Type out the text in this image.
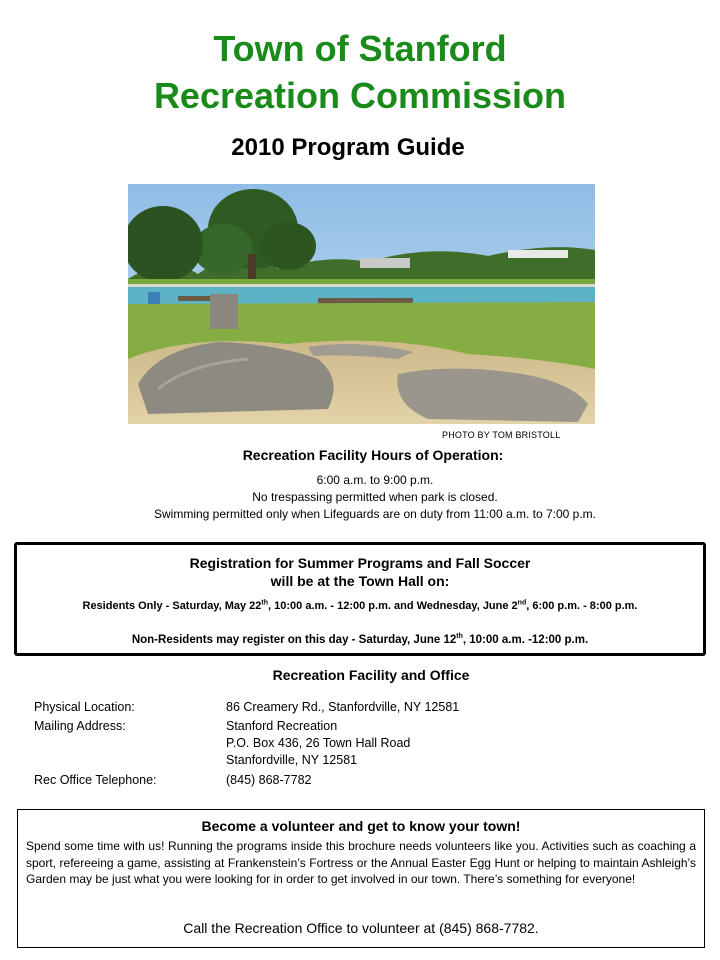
Town of Stanford
Recreation Commission
2010 Program Guide
PHOTO BY TOM BRISTOLL
Recreation Facility Hours of Operation:
6:00 a.m. to 9:00 p.m.
No trespassing permitted when park is closed.
Swimming permitted only when Lifeguards are on duty from 11:00 a.m. to 7:00 p.m.
Registration for Summer Programs and Fall Soccer
will be at the Town Hall on:
Residents Only - Saturday, May 22th, 10:00 a.m. - 12:00 p.m. and Wednesday, June 2nd, 6:00 p.m. - 8:00 p.m.
Non-Residents may register on this day - Saturday, June 12th, 10:00 a.m. -12:00 p.m.
Recreation Facility and Office
Physical Location:	86 Creamery Rd., Stanfordville, NY 12581
Mailing Address:	Stanford Recreation
P.O. Box 436, 26 Town Hall Road
Stanfordville, NY 12581
Rec Office Telephone:	(845) 868-7782
Become a volunteer and get to know your town!
Spend some time with us! Running the programs inside this brochure needs volunteers like you. Activities such as coaching a sport, refereeing a game, assisting at Frankenstein’s Fortress or the Annual Easter Egg Hunt or helping to maintain Ashleigh’s Garden may be just what you were looking for in order to get involved in our town. There’s something for everyone!
Call the Recreation Office to volunteer at (845) 868-7782.
